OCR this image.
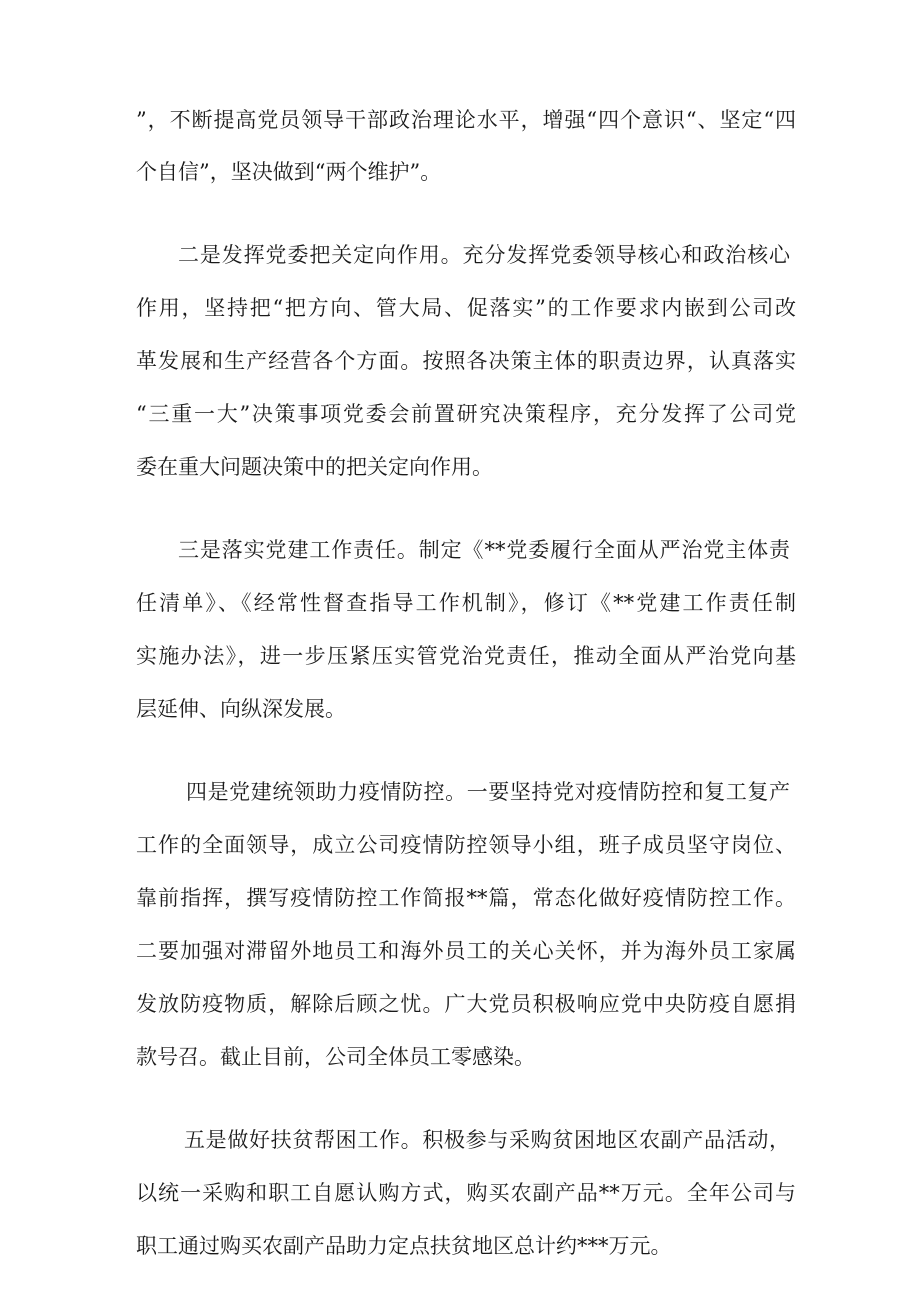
”，不断提高党员领导干部政治理论水平，增强“四个意识“、坚定“四
个自信”，坚决做到“两个维护”。
二是发挥党委把关定向作用。充分发挥党委领导核心和政治核心
作用，坚持把“把方向、管大局、促落实”的工作要求内嵌到公司改
革发展和生产经营各个方面。按照各决策主体的职责边界，认真落实
“三重一大”决策事项党委会前置研究决策程序，充分发挥了公司党
委在重大问题决策中的把关定向作用。
三是落实党建工作责任。制定《**党委履行全面从严治党主体责
任清单》、《经常性督查指导工作机制》，修订《**党建工作责任制
实施办法》，进一步压紧压实管党治党责任，推动全面从严治党向基
层延伸、向纵深发展。
四是党建统领助力疫情防控。一要坚持党对疫情防控和复工复产
工作的全面领导，成立公司疫情防控领导小组，班子成员坚守岗位、
靠前指挥，撰写疫情防控工作简报**篇，常态化做好疫情防控工作。
二要加强对滞留外地员工和海外员工的关心关怀，并为海外员工家属
发放防疫物质，解除后顾之忧。广大党员积极响应党中央防疫自愿捐
款号召。截止目前，公司全体员工零感染。
五是做好扶贫帮困工作。积极参与采购贫困地区农副产品活动，
以统一采购和职工自愿认购方式，购买农副产品**万元。全年公司与
职工通过购买农副产品助力定点扶贫地区总计约***万元。
